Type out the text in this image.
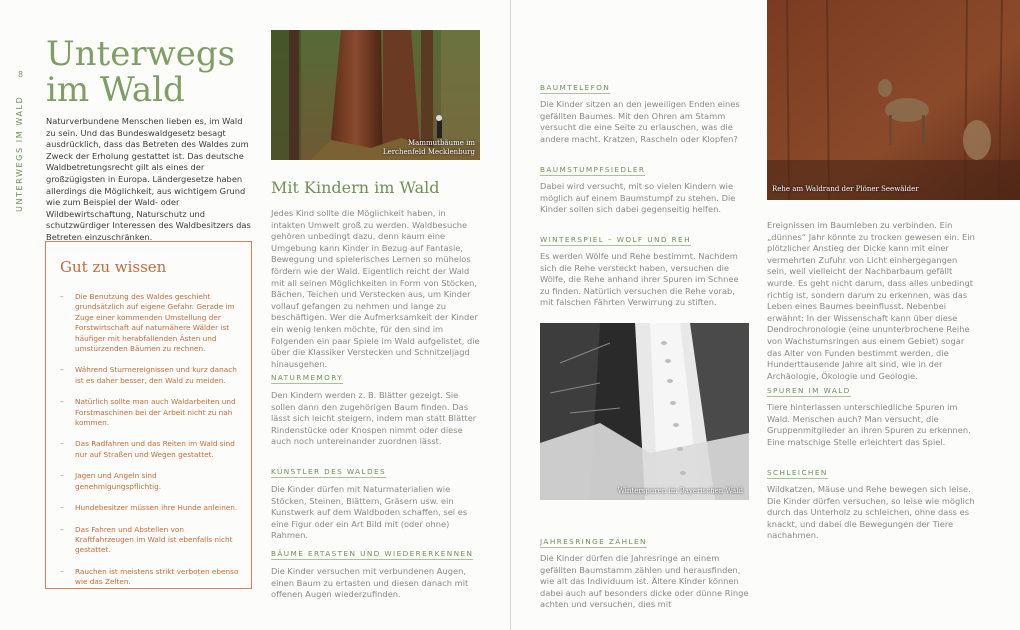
8
UNTERWEGS IM WALD
Unterwegs
im Wald
Naturverbundene Menschen lieben es, im Wald zu sein. Und das Bundeswaldgesetz besagt ausdrücklich, dass das Betreten des Waldes zum Zweck der Erholung gestattet ist. Das deutsche Waldbetretungsrecht gilt als eines der großzügigsten in Europa. Ländergesetze haben allerdings die Möglichkeit, aus wichtigem Grund wie zum Beispiel der Wald- oder Wildbewirtschaftung, Naturschutz und schutzwürdiger Interessen des Waldbesitzers das Betreten einzuschränken.
Gut zu wissen
– Die Benutzung des Waldes geschieht grundsätzlich auf eigene Gefahr. Gerade im Zuge einer kommenden Umstellung der Forstwirtschaft auf naturnähere Wälder ist häufiger mit herabfallenden Ästen und umstürzenden Bäumen zu rechnen.
– Während Sturmereignissen und kurz danach ist es daher besser, den Wald zu meiden.
– Natürlich sollte man auch Waldarbeiten und Forstmaschinen bei der Arbeit nicht zu nah kommen.
– Das Radfahren und das Reiten im Wald sind nur auf Straßen und Wegen gestattet.
– Jagen und Angeln sind genehmigungspflichtig.
– Hundebesitzer müssen ihre Hunde anleinen.
– Das Fahren und Abstellen von Kraftfahrzeugen im Wald ist ebenfalls nicht gestattet.
– Rauchen ist meistens strikt verboten ebenso wie das Zelten.
Mammutbäume im Lerchenfeld Mecklenburg
Mit Kindern im Wald
Jedes Kind sollte die Möglichkeit haben, in intakten Umwelt groß zu werden. Waldbesuche gehören unbedingt dazu, denn kaum eine Umgebung kann Kinder in Bezug auf Fantasie, Bewegung und spielerisches Lernen so mühelos fördern wie der Wald. Eigentlich reicht der Wald mit all seinen Möglichkeiten in Form von Stöcken, Bächen, Teichen und Verstecken aus, um Kinder vollauf gefangen zu nehmen und lange zu beschäftigen. Wer die Aufmerksamkeit der Kinder ein wenig lenken möchte, für den sind im Folgenden ein paar Spiele im Wald aufgelistet, die über die Klassiker Verstecken und Schnitzeljagd hinausgehen.
NATURMEMORY
Den Kindern werden z. B. Blätter gezeigt. Sie sollen dann den zugehörigen Baum finden. Das lässt sich leicht steigern, indem man statt Blätter Rindenstücke oder Knospen nimmt oder diese auch noch untereinander zuordnen lässt.
KÜNSTLER DES WALDES
Die Kinder dürfen mit Naturmaterialien wie Stöcken, Steinen, Blättern, Gräsern usw. ein Kunstwerk auf dem Waldboden schaffen, sei es eine Figur oder ein Art Bild mit (oder ohne) Rahmen.
BÄUME ERTASTEN UND WIEDERERKENNEN
Die Kinder versuchen mit verbundenen Augen, einen Baum zu ertasten und diesen danach mit offenen Augen wiederzufinden.
BAUMTELEFON
Die Kinder sitzen an den jeweiligen Enden eines gefällten Baumes. Mit den Ohren am Stamm versucht die eine Seite zu erlauschen, was die andere macht. Kratzen, Rascheln oder Klopfen?
BAUMSTUMPFSIEDLER
Dabei wird versucht, mit so vielen Kindern wie möglich auf einem Baumstumpf zu stehen. Die Kinder sollen sich dabei gegenseitig helfen.
WINTERSPIEL – WOLF UND REH
Es werden Wölfe und Rehe bestimmt. Nachdem sich die Rehe versteckt haben, versuchen die Wölfe, die Rehe anhand ihrer Spuren im Schnee zu finden. Natürlich versuchen die Rehe vorab, mit falschen Fährten Verwirrung zu stiften.
Winterspuren im Bayerischen Wald
JAHRESRINGE ZÄHLEN
Die Kinder dürfen die Jahresringe an einem gefällten Baumstamm zählen und herausfinden, wie alt das Individuum ist. Ältere Kinder können dabei auch auf besonders dicke oder dünne Ringe achten und versuchen, dies mit
Rehe am Waldrand der Plöner Seewälder
Ereignissen im Baumleben zu verbinden. Ein „dünnes“ Jahr könnte zu trocken gewesen ein. Ein plötzlicher Anstieg der Dicke kann mit einer vermehrten Zufuhr von Licht einhergegangen sein, weil vielleicht der Nachbarbaum gefällt wurde. Es geht nicht darum, dass alles unbedingt richtig ist, sondern darum zu erkennen, was das Leben eines Baumes beeinflusst. Nebenbei erwähnt: In der Wissenschaft kann über diese Dendrochronologie (eine ununterbrochene Reihe von Wachstumsringen aus einem Gebiet) sogar das Alter von Funden bestimmt werden, die Hunderttausende Jahre alt sind, wie in der Archäologie, Ökologie und Geologie.
SPUREN IM WALD
Tiere hinterlassen unterschiedliche Spuren im Wald. Menschen auch? Man versucht, die Gruppenmitglieder an ihren Spuren zu erkennen. Eine matschige Stelle erleichtert das Spiel.
SCHLEICHEN
Wildkatzen, Mäuse und Rehe bewegen sich leise. Die Kinder dürfen versuchen, so leise wie möglich durch das Unterholz zu schleichen, ohne dass es knackt, und dabei die Bewegungen der Tiere nachahmen.
